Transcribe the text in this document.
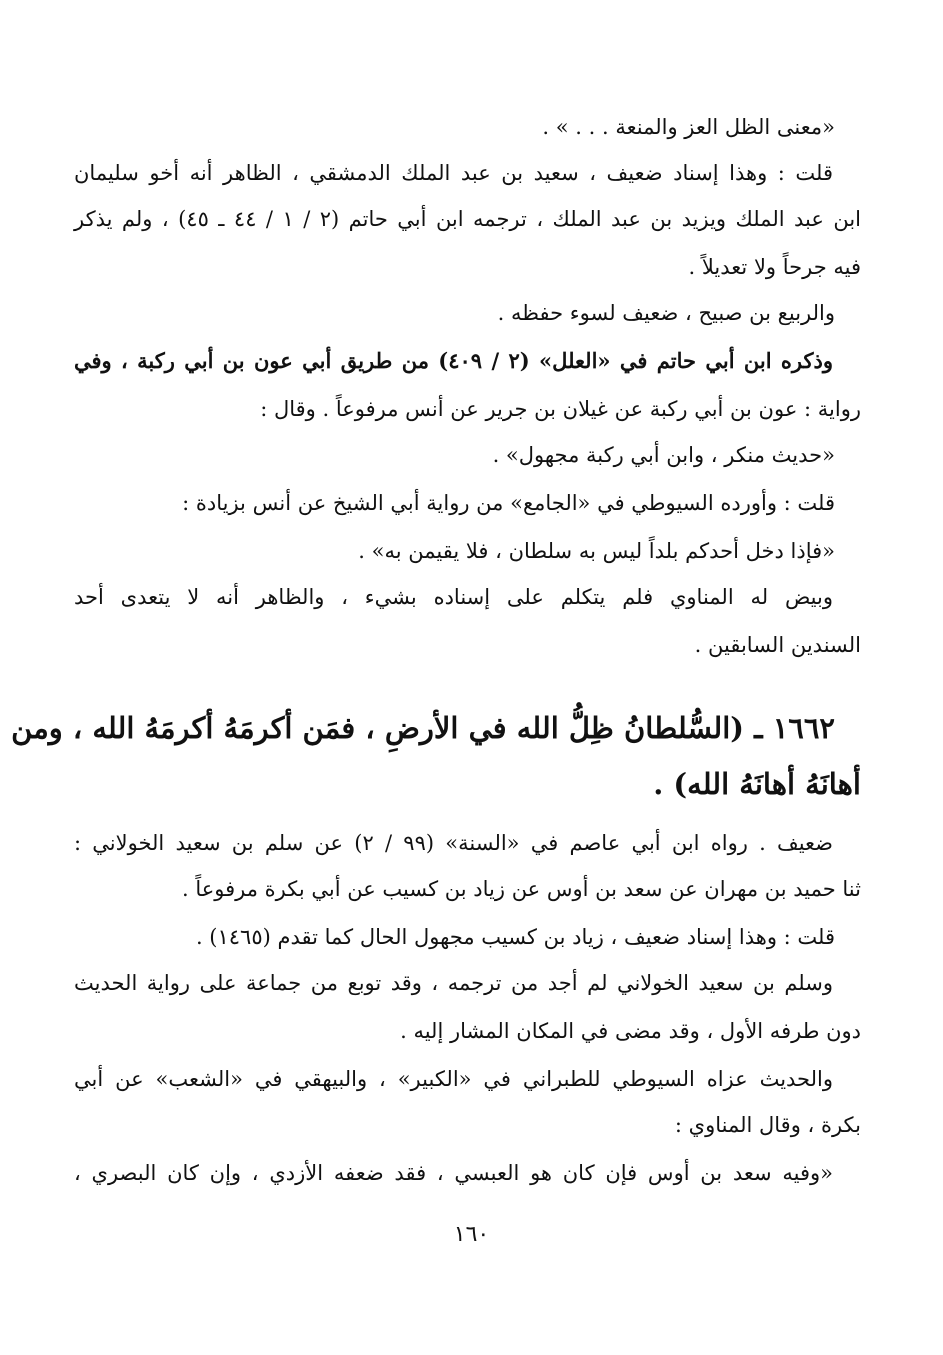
«معنى الظل العز والمنعة . . . » .
قلت : وهذا إسناد ضعيف ، سعيد بن عبد الملك الدمشقي ، الظاهر أنه أخو سليمان
ابن عبد الملك ويزيد بن عبد الملك ، ترجمه ابن أبي حاتم (٢ / ١ / ٤٤ ـ ٤٥) ، ولم يذكر
فيه جرحاً ولا تعديلاً .
والربيع بن صبيح ، ضعيف لسوء حفظه .
وذكره ابن أبي حاتم في «العلل» (٢ / ٤٠٩) من طريق أبي عون بن أبي ركبة ، وفي
رواية : عون بن أبي ركبة عن غيلان بن جرير عن أنس مرفوعاً . وقال :
«حديث منكر ، وابن أبي ركبة مجهول» .
قلت : وأورده السيوطي في «الجامع» من رواية أبي الشيخ عن أنس بزيادة :
«فإذا دخل أحدكم بلداً ليس به سلطان ، فلا يقيمن به» .
وبيض له المناوي فلم يتكلم على إسناده بشيء ، والظاهر أنه لا يتعدى أحد
السندين السابقين .
١٦٦٢ ـ (السُّلطانُ ظِلُّ الله في الأرضِ ، فمَن أكرمَهُ أكرمَهُ الله ، ومن
أهانَهُ أهانَهُ الله) .
ضعيف . رواه ابن أبي عاصم في «السنة» (٩٩ / ٢) عن سلم بن سعيد الخولاني :
ثنا حميد بن مهران عن سعد بن أوس عن زياد بن كسيب عن أبي بكرة مرفوعاً .
قلت : وهذا إسناد ضعيف ، زياد بن كسيب مجهول الحال كما تقدم (١٤٦٥) .
وسلم بن سعيد الخولاني لم أجد من ترجمه ، وقد توبع من جماعة على رواية الحديث
دون طرفه الأول ، وقد مضى في المكان المشار إليه .
والحديث عزاه السيوطي للطبراني في «الكبير» ، والبيهقي في «الشعب» عن أبي
بكرة ، وقال المناوي :
«وفيه سعد بن أوس فإن كان هو العبسي ، فقد ضعفه الأزدي ، وإن كان البصري ،
١٦٠
